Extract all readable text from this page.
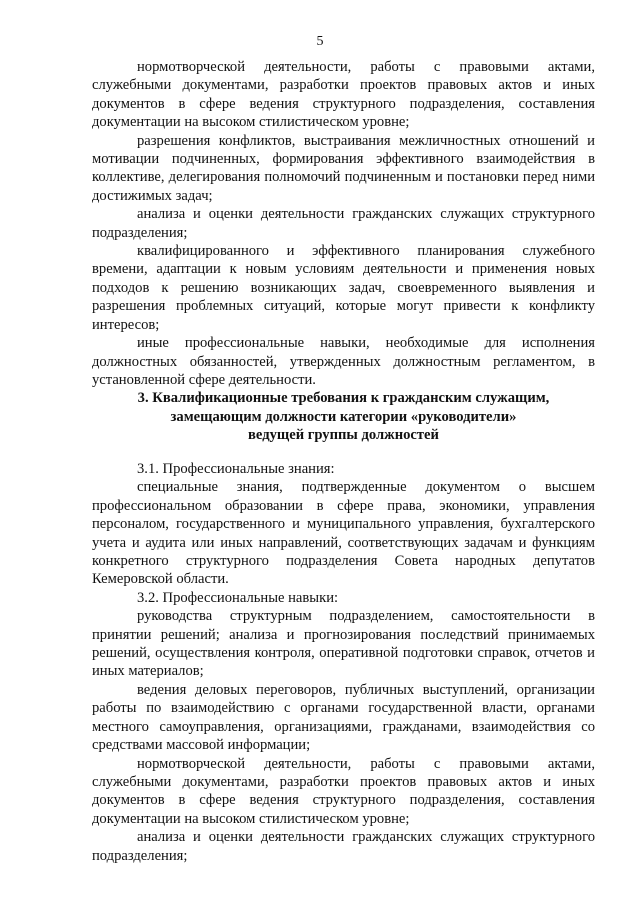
5

нормотворческой деятельности, работы с правовыми актами, служебными документами, разработки проектов правовых актов и иных документов в сфере ведения структурного подразделения, составления документации на высоком стилистическом уровне;

разрешения конфликтов, выстраивания межличностных отношений и мотивации подчиненных, формирования эффективного взаимодействия в коллективе, делегирования полномочий подчиненным и постановки перед ними достижимых задач;

анализа и оценки деятельности гражданских служащих структурного подразделения;

квалифицированного и эффективного планирования служебного времени, адаптации к новым условиям деятельности и применения новых подходов к решению возникающих задач, своевременного выявления и разрешения проблемных ситуаций, которые могут привести к конфликту интересов;

иные профессиональные навыки, необходимые для исполнения должностных обязанностей, утвержденных должностным регламентом, в установленной сфере деятельности.

3. Квалификационные требования к гражданским служащим,

замещающим должности категории «руководители»

ведущей группы должностей

3.1. Профессиональные знания:

специальные знания, подтвержденные документом о высшем профессиональном образовании в сфере права, экономики, управления персоналом, государственного и муниципального управления, бухгалтерского учета и аудита или иных направлений, соответствующих задачам и функциям конкретного структурного подразделения Совета народных депутатов Кемеровской области.

3.2. Профессиональные навыки:

руководства структурным подразделением, самостоятельности в принятии решений; анализа и прогнозирования последствий принимаемых решений, осуществления контроля, оперативной подготовки справок, отчетов и иных материалов;

ведения деловых переговоров, публичных выступлений, организации работы по взаимодействию с органами государственной власти, органами местного самоуправления, организациями, гражданами, взаимодействия со средствами массовой информации;

нормотворческой деятельности, работы с правовыми актами, служебными документами, разработки проектов правовых актов и иных документов в сфере ведения структурного подразделения, составления документации на высоком стилистическом уровне;

анализа и оценки деятельности гражданских служащих структурного подразделения;
